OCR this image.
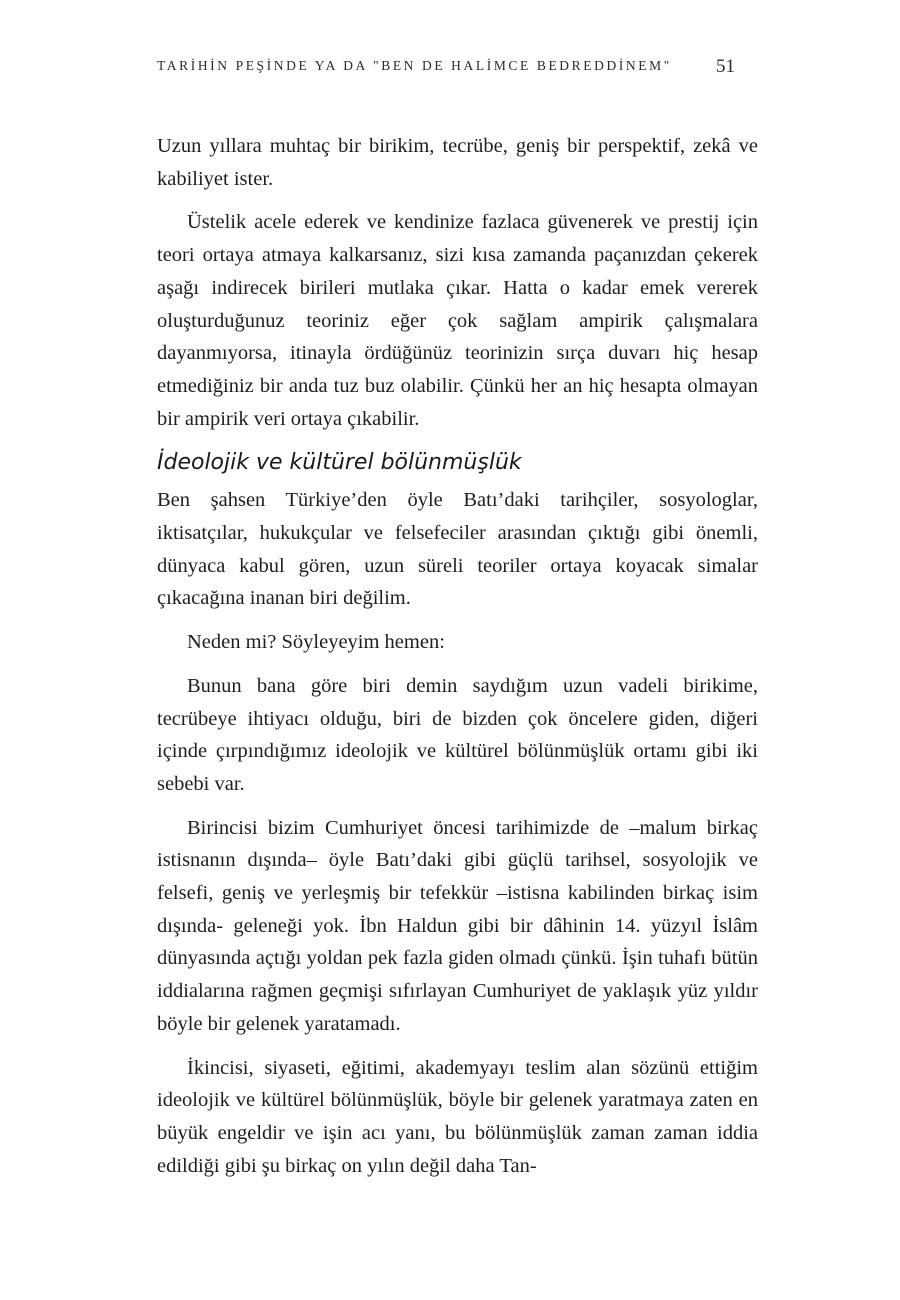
TARİHİN PEŞİNDE YA DA "BEN DE HALİMCE BEDREDDİNEM"	51

Uzun yıllara muhtaç bir birikim, tecrübe, geniş bir perspektif, zekâ ve kabiliyet ister.

Üstelik acele ederek ve kendinize fazlaca güvenerek ve prestij için teori ortaya atmaya kalkarsanız, sizi kısa zamanda paçanızdan çekerek aşağı indirecek birileri mutlaka çıkar. Hatta o kadar emek vererek oluşturduğunuz teoriniz eğer çok sağlam ampirik çalışmalara dayanmıyorsa, itinayla ördüğünüz teorinizin sırça duvarı hiç hesap etmediğiniz bir anda tuz buz olabilir. Çünkü her an hiç hesapta olmayan bir ampirik veri ortaya çıkabilir.

İdeolojik ve kültürel bölünmüşlük

Ben şahsen Türkiye’den öyle Batı’daki tarihçiler, sosyologlar, iktisatçılar, hukukçular ve felsefeciler arasından çıktığı gibi önemli, dünyaca kabul gören, uzun süreli teoriler ortaya koyacak simalar çıkacağına inanan biri değilim.

Neden mi? Söyleyeyim hemen:

Bunun bana göre biri demin saydığım uzun vadeli birikime, tecrübeye ihtiyacı olduğu, biri de bizden çok öncelere giden, diğeri içinde çırpındığımız ideolojik ve kültürel bölünmüşlük ortamı gibi iki sebebi var.

Birincisi bizim Cumhuriyet öncesi tarihimizde de –malum birkaç istisnanın dışında– öyle Batı’daki gibi güçlü tarihsel, sosyolojik ve felsefi, geniş ve yerleşmiş bir tefekkür –istisna kabilinden birkaç isim dışında- geleneği yok. İbn Haldun gibi bir dâhinin 14. yüzyıl İslâm dünyasında açtığı yoldan pek fazla giden olmadı çünkü. İşin tuhafı bütün iddialarına rağmen geçmişi sıfırlayan Cumhuriyet de yaklaşık yüz yıldır böyle bir gelenek yaratamadı.

İkincisi, siyaseti, eğitimi, akademyayı teslim alan sözünü ettiğim ideolojik ve kültürel bölünmüşlük, böyle bir gelenek yaratmaya zaten en büyük engeldir ve işin acı yanı, bu bölünmüşlük zaman zaman iddia edildiği gibi şu birkaç on yılın değil daha Tan-
